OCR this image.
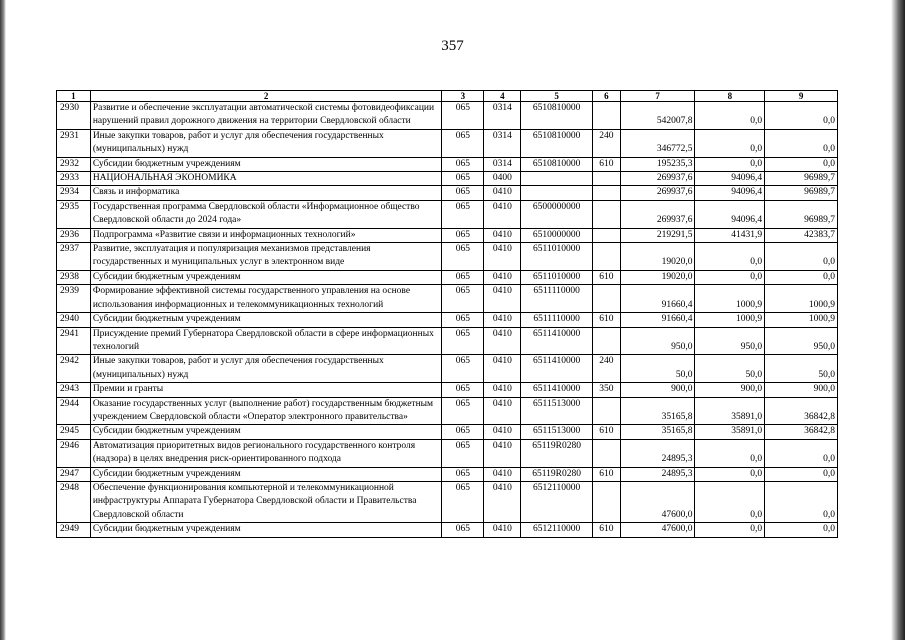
357
1	2	3	4	5	6	7	8	9
2930	Развитие и обеспечение эксплуатации автоматической системы фотовидеофиксации нарушений правил дорожного движения на территории Свердловской области	065	0314	6510810000		542007,8	0,0	0,0
2931	Иные закупки товаров, работ и услуг для обеспечения государственных (муниципальных) нужд	065	0314	6510810000	240	346772,5	0,0	0,0
2932	Субсидии бюджетным учреждениям	065	0314	6510810000	610	195235,3	0,0	0,0
2933	НАЦИОНАЛЬНАЯ ЭКОНОМИКА	065	0400			269937,6	94096,4	96989,7
2934	Связь и информатика	065	0410			269937,6	94096,4	96989,7
2935	Государственная программа Свердловской области «Информационное общество Свердловской области до 2024 года»	065	0410	6500000000		269937,6	94096,4	96989,7
2936	Подпрограмма «Развитие связи и информационных технологий»	065	0410	6510000000		219291,5	41431,9	42383,7
2937	Развитие, эксплуатация и популяризация механизмов представления государственных и муниципальных услуг в электронном виде	065	0410	6511010000		19020,0	0,0	0,0
2938	Субсидии бюджетным учреждениям	065	0410	6511010000	610	19020,0	0,0	0,0
2939	Формирование эффективной системы государственного управления на основе использования информационных и телекоммуникационных технологий	065	0410	6511110000		91660,4	1000,9	1000,9
2940	Субсидии бюджетным учреждениям	065	0410	6511110000	610	91660,4	1000,9	1000,9
2941	Присуждение премий Губернатора Свердловской области в сфере информационных технологий	065	0410	6511410000		950,0	950,0	950,0
2942	Иные закупки товаров, работ и услуг для обеспечения государственных (муниципальных) нужд	065	0410	6511410000	240	50,0	50,0	50,0
2943	Премии и гранты	065	0410	6511410000	350	900,0	900,0	900,0
2944	Оказание государственных услуг (выполнение работ) государственным бюджетным учреждением Свердловской области «Оператор электронного правительства»	065	0410	6511513000		35165,8	35891,0	36842,8
2945	Субсидии бюджетным учреждениям	065	0410	6511513000	610	35165,8	35891,0	36842,8
2946	Автоматизация приоритетных видов регионального государственного контроля (надзора) в целях внедрения риск-ориентированного подхода	065	0410	65119R0280		24895,3	0,0	0,0
2947	Субсидии бюджетным учреждениям	065	0410	65119R0280	610	24895,3	0,0	0,0
2948	Обеспечение функционирования компьютерной и телекоммуникационной инфраструктуры Аппарата Губернатора Свердловской области и Правительства Свердловской области	065	0410	6512110000		47600,0	0,0	0,0
2949	Субсидии бюджетным учреждениям	065	0410	6512110000	610	47600,0	0,0	0,0
